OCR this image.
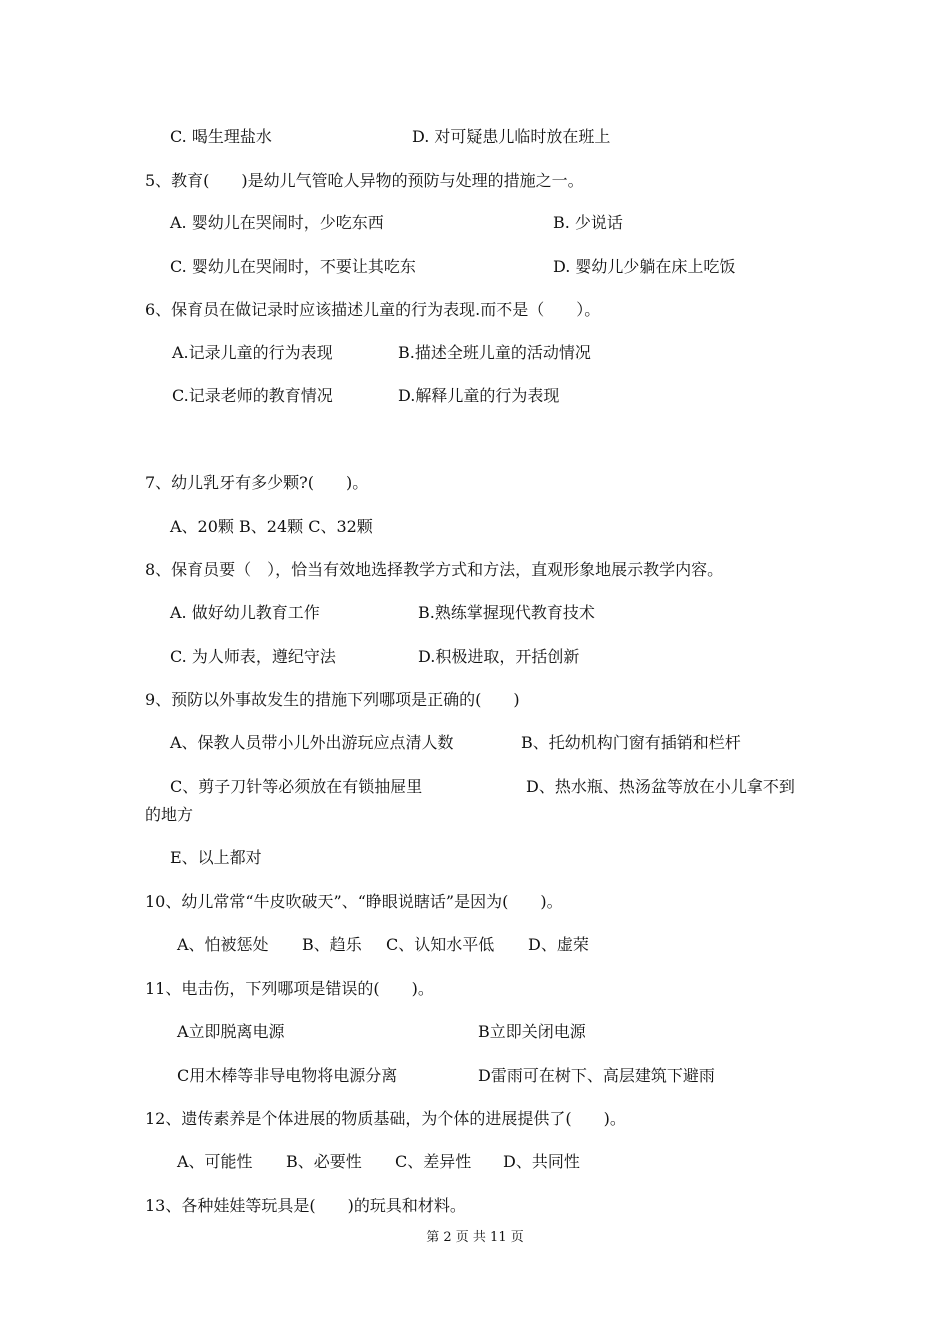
C. 喝生理盐水	D. 对可疑患儿临时放在班上
5、教育(　　)是幼儿气管呛人异物的预防与处理的措施之一。
A. 婴幼儿在哭闹时，少吃东西	B. 少说话
C. 婴幼儿在哭闹时，不要让其吃东	D. 婴幼儿少躺在床上吃饭
6、保育员在做记录时应该描述儿童的行为表现.而不是（　　）。
A.记录儿童的行为表现	B.描述全班儿童的活动情况
C.记录老师的教育情况	D.解释儿童的行为表现
7、幼儿乳牙有多少颗?(　　)。
A、20颗 B、24颗 C、32颗
8、保育员要（　），恰当有效地选择教学方式和方法，直观形象地展示教学内容。
A. 做好幼儿教育工作	B.熟练掌握现代教育技术
C. 为人师表，遵纪守法	D.积极进取，开括创新
9、预防以外事故发生的措施下列哪项是正确的(　　)
A、保教人员带小儿外出游玩应点清人数	B、托幼机构门窗有插销和栏杆
C、剪子刀针等必须放在有锁抽屉里	D、热水瓶、热汤盆等放在小儿拿不到
的地方
E、以上都对
10、幼儿常常“牛皮吹破天”、“睁眼说瞎话”是因为(　　)。
A、怕被惩处 B、趋乐 C、认知水平低 D、虚荣
11、电击伤，下列哪项是错误的(　　)。
A立即脱离电源	B立即关闭电源
C用木棒等非导电物将电源分离	D雷雨可在树下、高层建筑下避雨
12、遗传素养是个体进展的物质基础，为个体的进展提供了(　　)。
A、可能性 B、必要性 C、差异性 D、共同性
13、各种娃娃等玩具是(　　)的玩具和材料。
第 2 页 共 11 页
